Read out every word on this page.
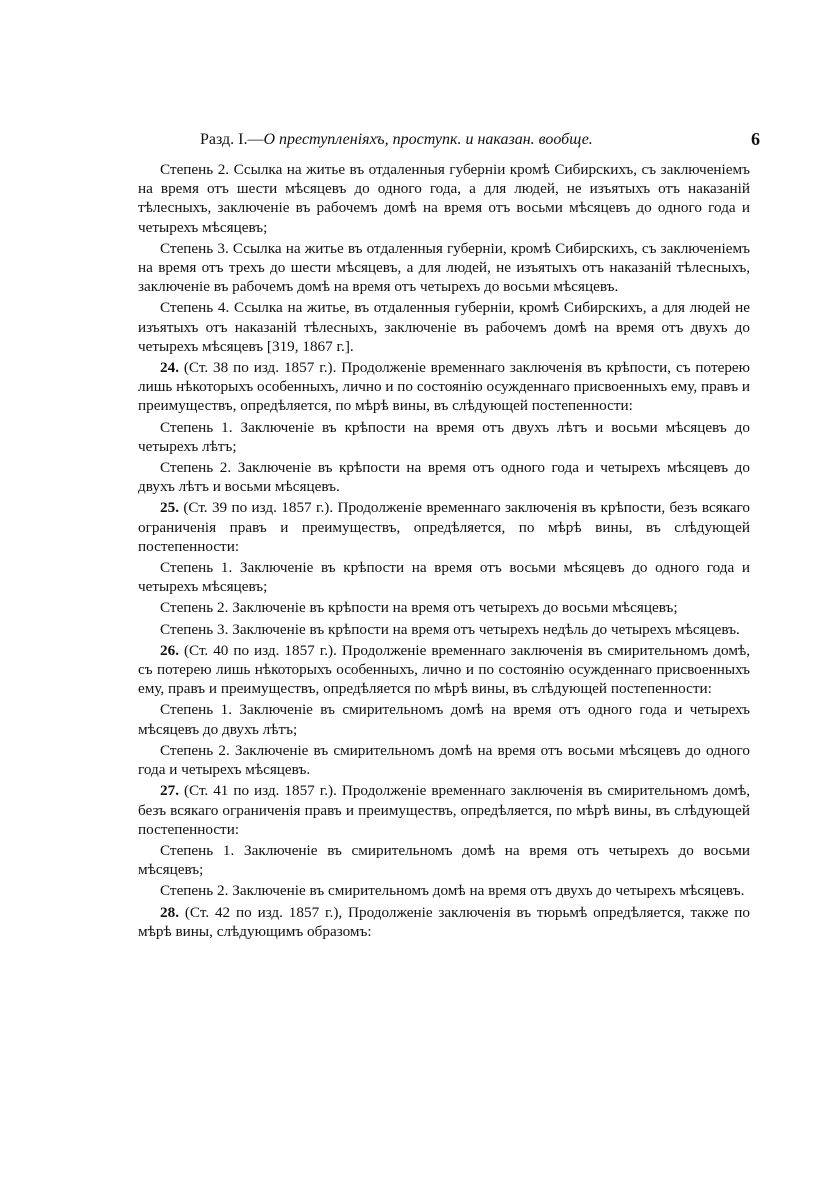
Разд. I.—О преступленіяхъ, проступк. и наказан. вообще.	6

Степень 2. Ссылка на житье въ отдаленныя губерніи кромѣ Сибирскихъ, съ заключеніемъ на время отъ шести мѣсяцевъ до одного года, а для людей, не изъятыхъ отъ наказаній тѣлесныхъ, заключеніе въ рабочемъ домѣ на время отъ восьми мѣсяцевъ до одного года и четырехъ мѣсяцевъ;

Степень 3. Ссылка на житье въ отдаленныя губерніи, кромѣ Сибирскихъ, съ заключеніемъ на время отъ трехъ до шести мѣсяцевъ, а для людей, не изъятыхъ отъ наказаній тѣлесныхъ, заключеніе въ рабочемъ домѣ на время отъ четырехъ до восьми мѣсяцевъ.

Степень 4. Ссылка на житье, въ отдаленныя губерніи, кромѣ Сибирскихъ, а для людей не изъятыхъ отъ наказаній тѣлесныхъ, заключеніе въ рабочемъ домѣ на время отъ двухъ до четырехъ мѣсяцевъ [319, 1867 г.].

24. (Ст. 38 по изд. 1857 г.). Продолженіе временнаго заключенія въ крѣпости, съ потерею лишь нѣкоторыхъ особенныхъ, лично и по состоянію осужденнаго присвоенныхъ ему, правъ и преимуществъ, опредѣляется, по мѣрѣ вины, въ слѣдующей постепенности:

Степень 1. Заключеніе въ крѣпости на время отъ двухъ лѣтъ и восьми мѣсяцевъ до четырехъ лѣтъ;

Степень 2. Заключеніе въ крѣпости на время отъ одного года и четырехъ мѣсяцевъ до двухъ лѣтъ и восьми мѣсяцевъ.

25. (Ст. 39 по изд. 1857 г.). Продолженіе временнаго заключенія въ крѣпости, безъ всякаго ограниченія правъ и преимуществъ, опредѣляется, по мѣрѣ вины, въ слѣдующей постепенности:

Степень 1. Заключеніе въ крѣпости на время отъ восьми мѣсяцевъ до одного года и четырехъ мѣсяцевъ;

Степень 2. Заключеніе въ крѣпости на время отъ четырехъ до восьми мѣсяцевъ;

Степень 3. Заключеніе въ крѣпости на время отъ четырехъ недѣль до четырехъ мѣсяцевъ.

26. (Ст. 40 по изд. 1857 г.). Продолженіе временнаго заключенія въ смирительномъ домѣ, съ потерею лишь нѣкоторыхъ особенныхъ, лично и по состоянію осужденнаго присвоенныхъ ему, правъ и преимуществъ, опредѣляется по мѣрѣ вины, въ слѣдующей постепенности:

Степень 1. Заключеніе въ смирительномъ домѣ на время отъ одного года и четырехъ мѣсяцевъ до двухъ лѣтъ;

Степень 2. Заключеніе въ смирительномъ домѣ на время отъ восьми мѣсяцевъ до одного года и четырехъ мѣсяцевъ.

27. (Ст. 41 по изд. 1857 г.). Продолженіе временнаго заключенія въ смирительномъ домѣ, безъ всякаго ограниченія правъ и преимуществъ, опредѣляется, по мѣрѣ вины, въ слѣдующей постепенности:

Степень 1. Заключеніе въ смирительномъ домѣ на время отъ четырехъ до восьми мѣсяцевъ;

Степень 2. Заключеніе въ смирительномъ домѣ на время отъ двухъ до четырехъ мѣсяцевъ.

28. (Ст. 42 по изд. 1857 г.), Продолженіе заключенія въ тюрьмѣ опредѣляется, также по мѣрѣ вины, слѣдующимъ образомъ:
